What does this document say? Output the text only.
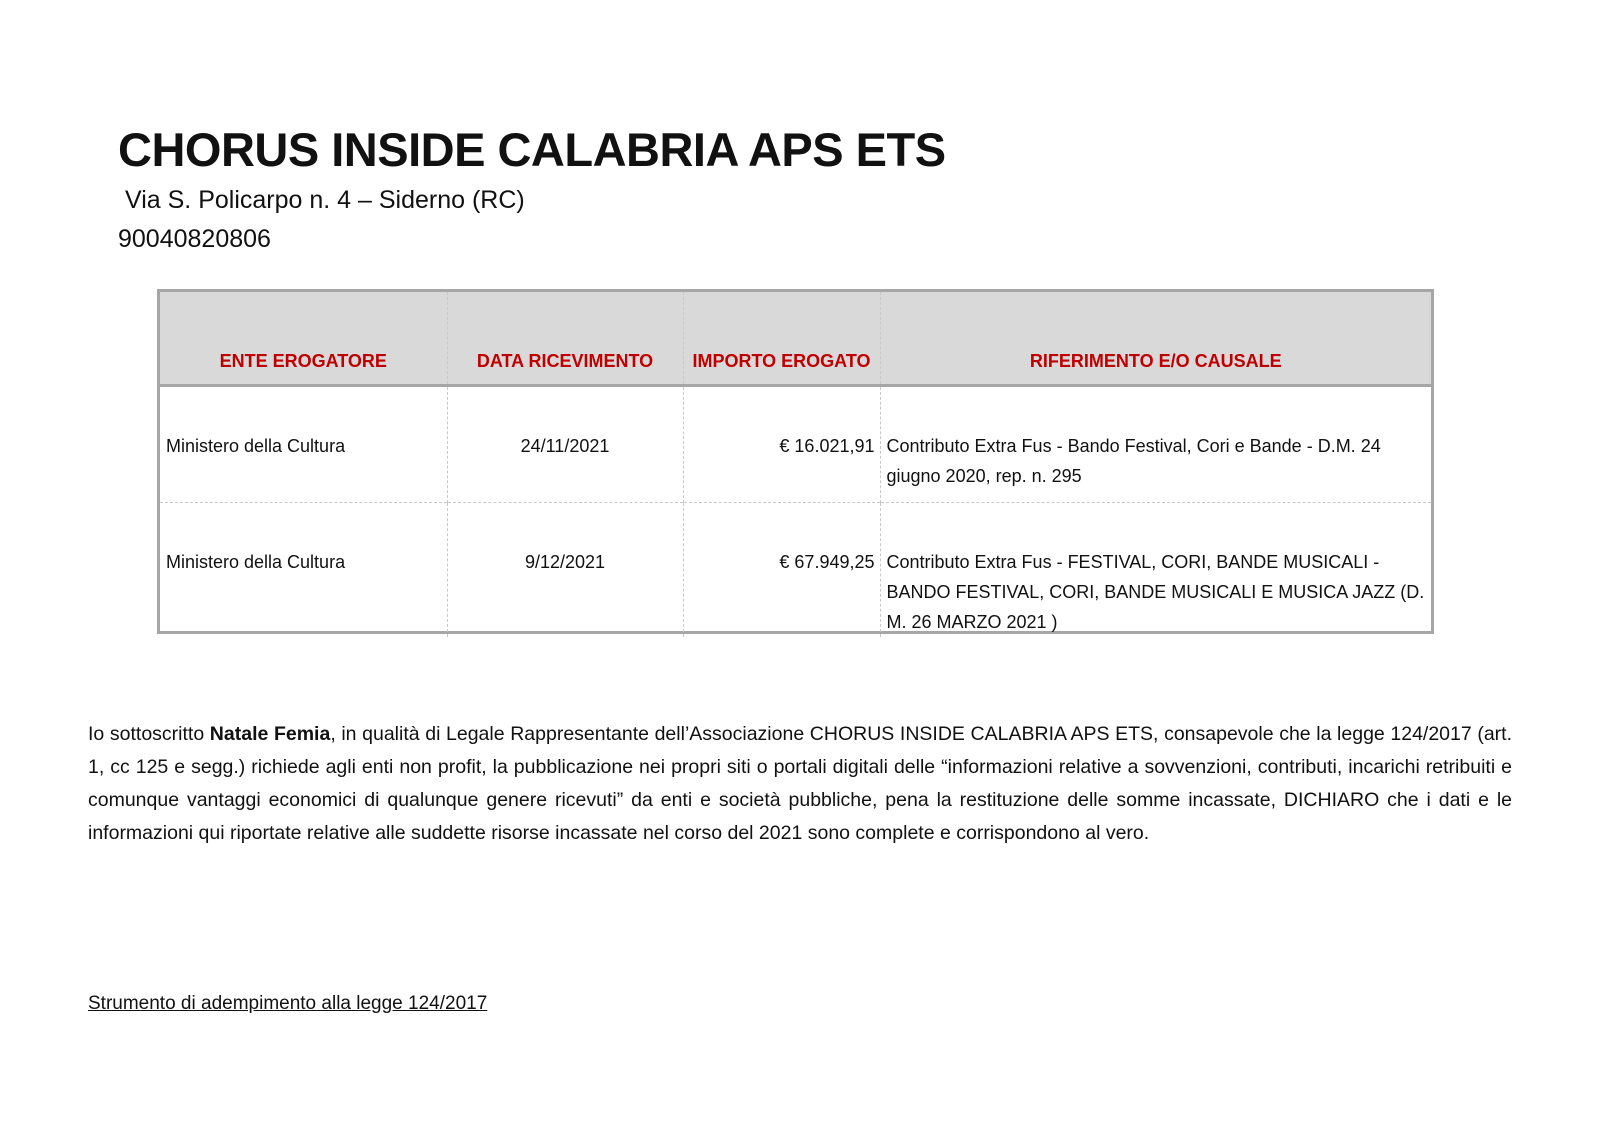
CHORUS INSIDE CALABRIA APS ETS
Via S. Policarpo n. 4 – Siderno (RC)
90040820806
ENTE EROGATORE	DATA RICEVIMENTO	IMPORTO EROGATO	RIFERIMENTO E/O CAUSALE
Ministero della Cultura	24/11/2021	€ 16.021,91	Contributo Extra Fus - Bando Festival, Cori e Bande - D.M. 24 giugno 2020, rep. n. 295
Ministero della Cultura	9/12/2021	€ 67.949,25	Contributo Extra Fus - FESTIVAL, CORI, BANDE MUSICALI - BANDO FESTIVAL, CORI, BANDE MUSICALI E MUSICA JAZZ (D. M. 26 MARZO 2021 )

Io sottoscritto Natale Femia, in qualità di Legale Rappresentante dell’Associazione CHORUS INSIDE CALABRIA APS ETS, consapevole che la legge 124/2017 (art. 1, cc 125 e segg.) richiede agli enti non profit, la pubblicazione nei propri siti o portali digitali delle “informazioni relative a sovvenzioni, contributi, incarichi retribuiti e comunque vantaggi economici di qualunque genere ricevuti” da enti e società pubbliche, pena la restituzione delle somme incassate, DICHIARO che i dati e le informazioni qui riportate relative alle suddette risorse incassate nel corso del 2021 sono complete e corrispondono al vero.

Strumento di adempimento alla legge 124/2017
